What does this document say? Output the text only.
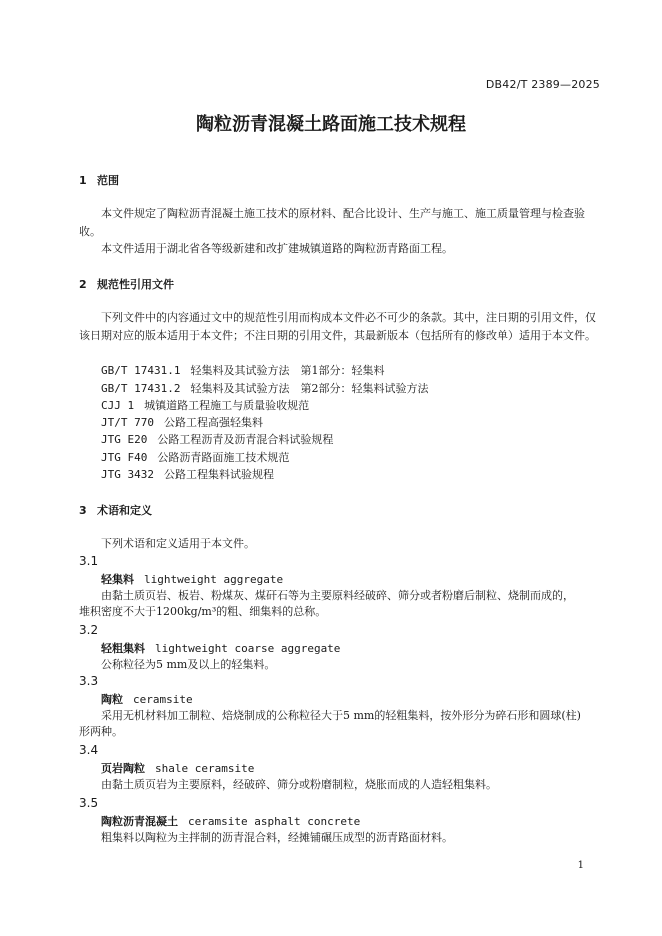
DB42/T 2389—2025
陶粒沥青混凝土路面施工技术规程
1 范围
本文件规定了陶粒沥青混凝土施工技术的原材料、配合比设计、生产与施工、施工质量管理与检查验收。
本文件适用于湖北省各等级新建和改扩建城镇道路的陶粒沥青路面工程。
2 规范性引用文件
下列文件中的内容通过文中的规范性引用而构成本文件必不可少的条款。其中，注日期的引用文件，仅该日期对应的版本适用于本文件；不注日期的引用文件，其最新版本（包括所有的修改单）适用于本文件。
GB/T 17431.1 轻集料及其试验方法　第1部分：轻集料
GB/T 17431.2 轻集料及其试验方法　第2部分：轻集料试验方法
CJJ 1 城镇道路工程施工与质量验收规范
JT/T 770 公路工程高强轻集料
JTG E20 公路工程沥青及沥青混合料试验规程
JTG F40 公路沥青路面施工技术规范
JTG 3432 公路工程集料试验规程
3 术语和定义
下列术语和定义适用于本文件。
3.1
轻集料 lightweight aggregate
由黏土质页岩、板岩、粉煤灰、煤矸石等为主要原料经破碎、筛分或者粉磨后制粒、烧制而成的，
堆积密度不大于1200kg/m³的粗、细集料的总称。
3.2
轻粗集料 lightweight coarse aggregate
公称粒径为5 mm及以上的轻集料。
3.3
陶粒 ceramsite
采用无机材料加工制粒、焙烧制成的公称粒径大于5 mm的轻粗集料，按外形分为碎石形和圆球(柱)
形两种。
3.4
页岩陶粒 shale ceramsite
由黏土质页岩为主要原料，经破碎、筛分或粉磨制粒，烧胀而成的人造轻粗集料。
3.5
陶粒沥青混凝土 ceramsite asphalt concrete
粗集料以陶粒为主拌制的沥青混合料，经摊铺碾压成型的沥青路面材料。
1
